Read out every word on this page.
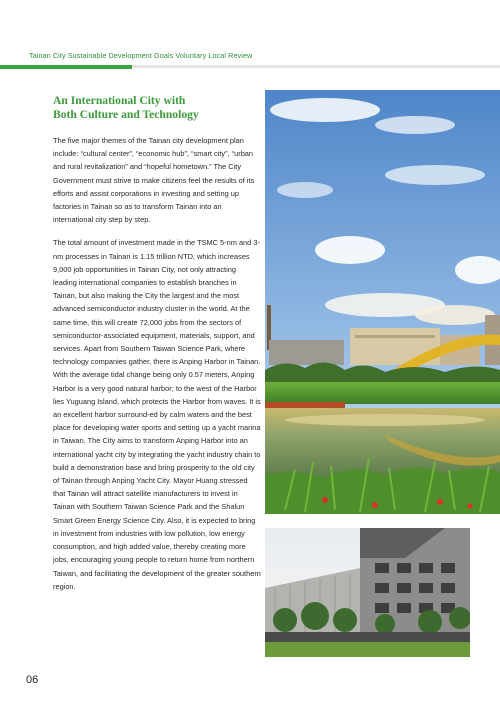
Tainan City Sustainable Development Goals Voluntary Local Review
An International City with
Both Culture and Technology

The five major themes of the Tainan city development plan include: “cultural center”, “economic hub”, “smart city”, “urban and rural revitalization” and “hopeful hometown.” The City Government must strive to make citizens feel the results of its efforts and assist corporations in investing and setting up factories in Tainan so as to transform Tainan into an international city step by step.

The total amount of investment made in the TSMC 5-nm and 3-nm processes in Tainan is 1.15 trillion NTD, which increases 9,000 job opportunities in Tainan City, not only attracting leading international companies to establish branches in Tainan, but also making the City the largest and the most advanced semiconductor industry cluster in the world. At the same time, this will create 72,000 jobs from the sectors of semiconductor-associated equipment, materials, support, and services. Apart from Southern Taiwan Science Park, where technology companies gather, there is Anping Harbor in Tainan. With the average tidal change being only 0.57 meters, Anping Harbor is a very good natural harbor; to the west of the Harbor lies Yuguang Island, which protects the Harbor from waves. It is an excellent harbor surround-ed by calm waters and the best place for developing water sports and setting up a yacht marina in Taiwan. The City aims to transform Anping Harbor into an international yacht city by integrating the yacht industry chain to build a demonstration base and bring prosperity to the old city of Tainan through Anping Yacht City. Mayor Huang stressed that Tainan will attract satellite manufacturers to invest in Tainan with Southern Taiwan Science Park and the Shalun Smart Green Energy Science City. Also, it is expected to bring in investment from industries with low pollution, low energy consumption, and high added value, thereby creating more jobs, encouraging young people to return home from northern Taiwan, and facilitating the development of the greater southern region.

06
